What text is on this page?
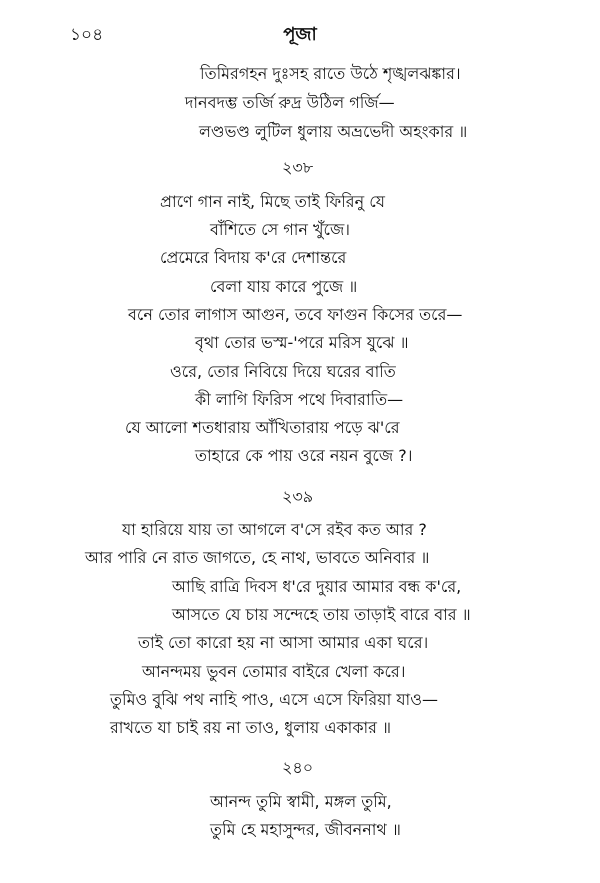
১০৪	পূজা
তিমিরগহন দুঃসহ রাতে উঠে শৃঙ্খলঝঙ্কার।
দানবদম্ভ তর্জি রুদ্র উঠিল গর্জি—
লণ্ডভণ্ড লুটিল ধুলায় অভ্রভেদী অহংকার ॥
২৩৮
প্রাণে গান নাই, মিছে তাই ফিরিনু যে
বাঁশিতে সে গান খুঁজে।
প্রেমেরে বিদায় ক'রে দেশান্তরে
বেলা যায় কারে পুজে ॥
বনে তোর লাগাস আগুন, তবে ফাগুন কিসের তরে—
বৃথা তোর ভস্ম-'পরে মরিস যুঝে ॥
ওরে, তোর নিবিয়ে দিয়ে ঘরের বাতি
কী লাগি ফিরিস পথে দিবারাতি—
যে আলো শতধারায় আঁখিতারায় পড়ে ঝ'রে
তাহারে কে পায় ওরে নয়ন বুজে ?।
২৩৯
যা হারিয়ে যায় তা আগলে ব'সে রইব কত আর ?
আর পারি নে রাত জাগতে, হে নাথ, ভাবতে অনিবার ॥
আছি রাত্রি দিবস ধ'রে দুয়ার আমার বন্ধ ক'রে,
আসতে যে চায় সন্দেহে তায় তাড়াই বারে বার ॥
তাই তো কারো হয় না আসা আমার একা ঘরে।
আনন্দময় ভুবন তোমার বাইরে খেলা করে।
তুমিও বুঝি পথ নাহি পাও, এসে এসে ফিরিয়া যাও—
রাখতে যা চাই রয় না তাও, ধুলায় একাকার ॥
২৪০
আনন্দ তুমি স্বামী, মঙ্গল তুমি,
তুমি হে মহাসুন্দর, জীবননাথ ॥
